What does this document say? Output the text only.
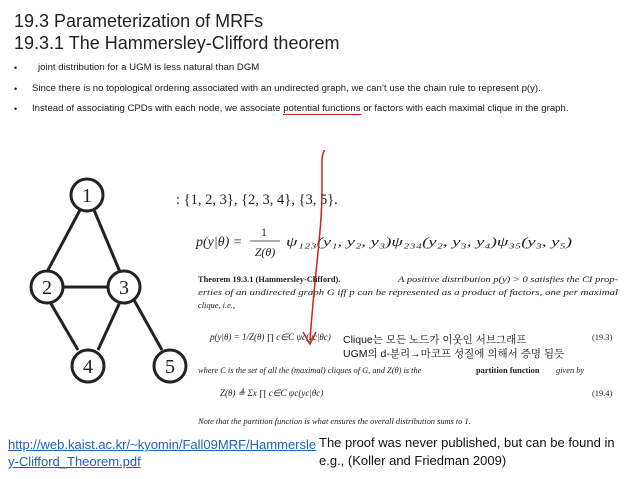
19.3 Parameterization of MRFs
19.3.1 The Hammersley-Clifford theorem
•	joint distribution for a UGM is less natural than DGM
•	Since there is no topological ordering associated with an undirected graph, we can’t use the chain rule to represent p(y).
•	Instead of associating CPDs with each node, we associate potential functions or factors with each maximal clique in the graph.
1
2	3
4	5
: {1, 2, 3}, {2, 3, 4}, {3, 5}.
p(y|θ) =
1
Z(θ)
ψ₁₂₃(y₁, y₂, y₃)ψ₂₃₄(y₂, y₃, y₄)ψ₃₅(y₃, y₅)
Theorem 19.3.1 (Hammersley-Clifford).	A positive distribution p(y) > 0 satisfies the CI prop-
erties of an undirected graph G iff p can be represented as a product of factors, one per maximal
clique, i.e.,
p(y|θ) = 1/Z(θ) ∏ c∈C ψc(yc|θc)	(19.3)
where C is the set of all the (maximal) cliques of G, and Z(θ) is the	partition function given by
Z(θ) ≜ Σx ∏ c∈C ψc(yc|θc)	(19.4)
Note that the partition function is what ensures the overall distribution sums to 1.
Clique는 모든 노드가 이웃인 서브그래프
UGM의 d-분리→마코프 성질에 의해서 증명 됨듯
http://web.kaist.ac.kr/~kyomin/Fall09MRF/Hammersley-Clifford_Theorem.pdf
The proof was never published, but can be found in e.g., (Koller and Friedman 2009)
